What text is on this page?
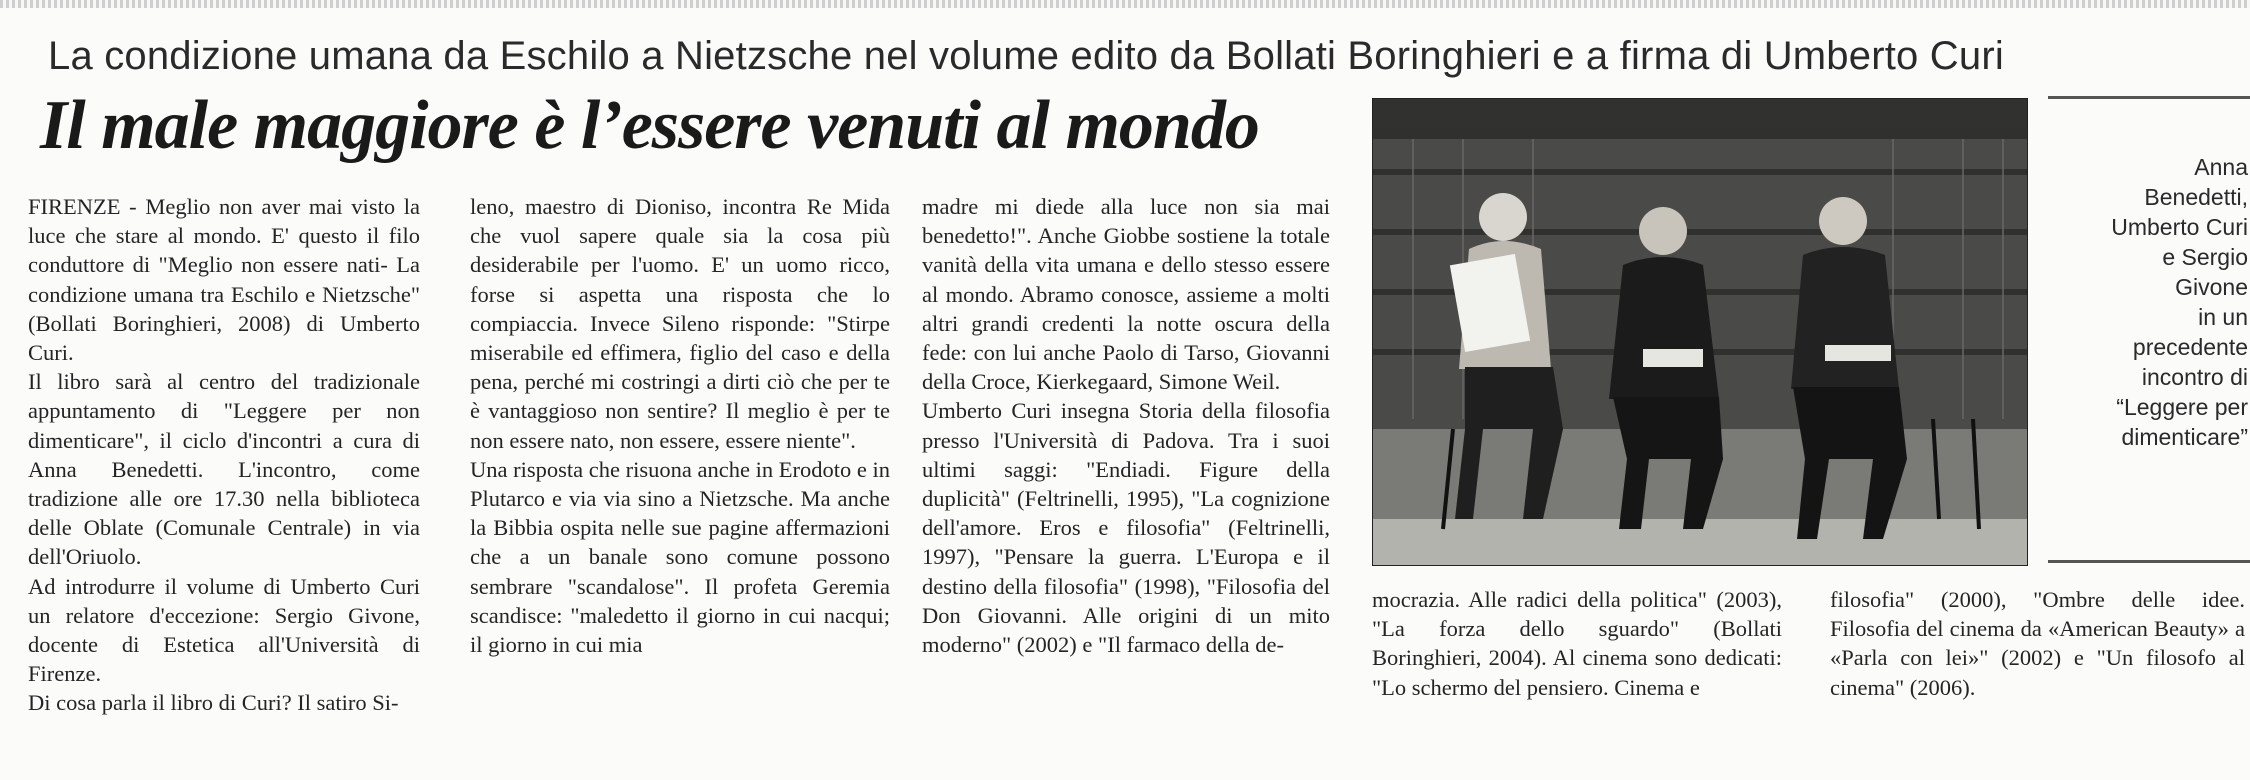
La condizione umana da Eschilo a Nietzsche nel volume edito da Bollati Boringhieri e a firma di Umberto Curi
Il male maggiore è l’essere venuti al mondo

FIRENZE - Meglio non aver mai visto la luce che stare al mondo. E' questo il filo conduttore di "Meglio non essere nati- La condizione umana tra Eschilo e Nietzsche" (Bollati Boringhieri, 2008) di Umberto Curi.

Il libro sarà al centro del tradizionale appuntamento di "Leggere per non dimenticare", il ciclo d'incontri a cura di Anna Benedetti. L'incontro, come tradizione alle ore 17.30 nella biblioteca delle Oblate (Comunale Centrale) in via dell'Oriuolo.

Ad introdurre il volume di Umberto Curi un relatore d'eccezione: Sergio Givone, docente di Estetica all'Università di Firenze.

Di cosa parla il libro di Curi? Il satiro Si-

leno, maestro di Dioniso, incontra Re Mida che vuol sapere quale sia la cosa più desiderabile per l'uomo. E' un uomo ricco, forse si aspetta una risposta che lo compiaccia. Invece Sileno risponde: "Stirpe miserabile ed effimera, figlio del caso e della pena, perché mi costringi a dirti ciò che per te è vantaggioso non sentire? Il meglio è per te non essere nato, non essere, essere niente".

Una risposta che risuona anche in Erodoto e in Plutarco e via via sino a Nietzsche. Ma anche la Bibbia ospita nelle sue pagine affermazioni che a un banale sono comune possono sembrare "scandalose". Il profeta Geremia scandisce: "maledetto il giorno in cui nacqui; il giorno in cui mia

madre mi diede alla luce non sia mai benedetto!". Anche Giobbe sostiene la totale vanità della vita umana e dello stesso essere al mondo. Abramo conosce, assieme a molti altri grandi credenti la notte oscura della fede: con lui anche Paolo di Tarso, Giovanni della Croce, Kierkegaard, Simone Weil.

Umberto Curi insegna Storia della filosofia presso l'Università di Padova. Tra i suoi ultimi saggi: "Endiadi. Figure della duplicità" (Feltrinelli, 1995), "La cognizione dell'amore. Eros e filosofia" (Feltrinelli, 1997), "Pensare la guerra. L'Europa e il destino della filosofia" (1998), "Filosofia del Don Giovanni. Alle origini di un mito moderno" (2002) e "Il farmaco della de-

mocrazia. Alle radici della politica" (2003), "La forza dello sguardo" (Bollati Boringhieri, 2004). Al cinema sono dedicati: "Lo schermo del pensiero. Cinema e

filosofia" (2000), "Ombre delle idee. Filosofia del cinema da «American Beauty» a «Parla con lei»" (2002) e "Un filosofo al cinema" (2006).

Anna
Benedetti,
Umberto Curi
e Sergio
Givone
in un
precedente
incontro di
“Leggere per
dimenticare”
